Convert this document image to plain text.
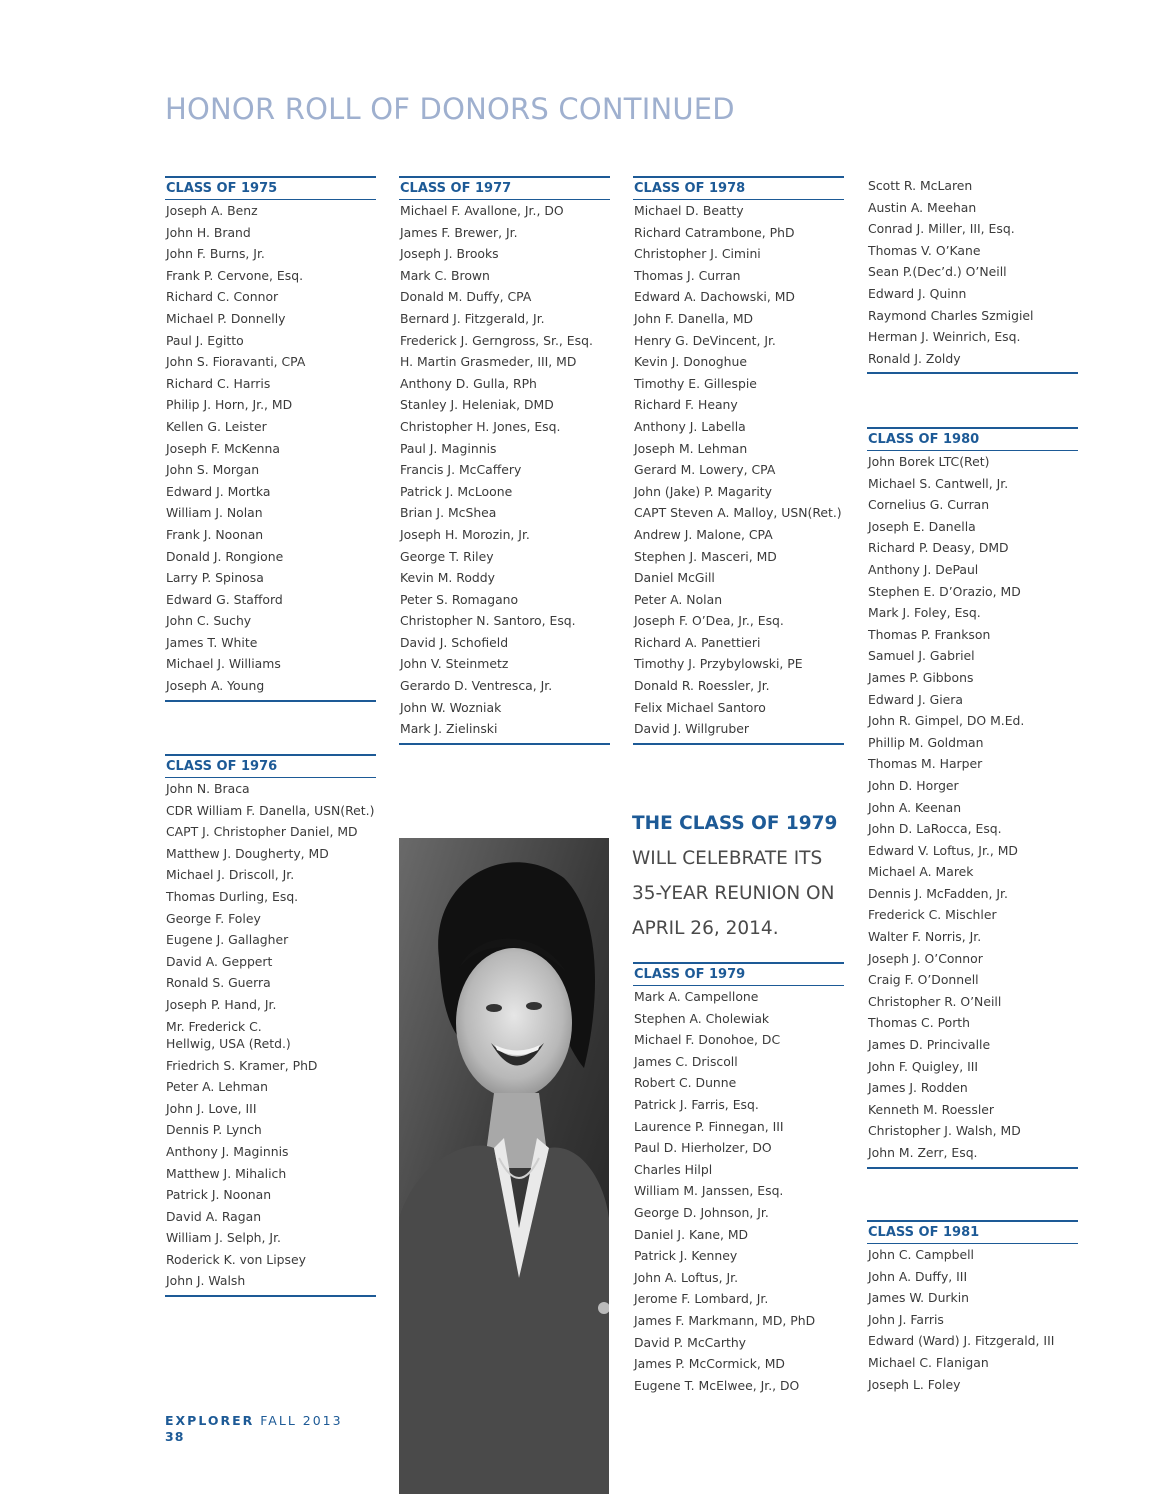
HONOR ROLL OF DONORS CONTINUED
CLASS OF 1975
Joseph A. Benz
John H. Brand
John F. Burns, Jr.
Frank P. Cervone, Esq.
Richard C. Connor
Michael P. Donnelly
Paul J. Egitto
John S. Fioravanti, CPA
Richard C. Harris
Philip J. Horn, Jr., MD
Kellen G. Leister
Joseph F. McKenna
John S. Morgan
Edward J. Mortka
William J. Nolan
Frank J. Noonan
Donald J. Rongione
Larry P. Spinosa
Edward G. Stafford
John C. Suchy
James T. White
Michael J. Williams
Joseph A. Young
CLASS OF 1976
John N. Braca
CDR William F. Danella, USN(Ret.)
CAPT J. Christopher Daniel, MD
Matthew J. Dougherty, MD
Michael J. Driscoll, Jr.
Thomas Durling, Esq.
George F. Foley
Eugene J. Gallagher
David A. Geppert
Ronald S. Guerra
Joseph P. Hand, Jr.
Mr. Frederick C.
Hellwig, USA (Retd.)
Friedrich S. Kramer, PhD
Peter A. Lehman
John J. Love, III
Dennis P. Lynch
Anthony J. Maginnis
Matthew J. Mihalich
Patrick J. Noonan
David A. Ragan
William J. Selph, Jr.
Roderick K. von Lipsey
John J. Walsh
CLASS OF 1977
Michael F. Avallone, Jr., DO
James F. Brewer, Jr.
Joseph J. Brooks
Mark C. Brown
Donald M. Duffy, CPA
Bernard J. Fitzgerald, Jr.
Frederick J. Gerngross, Sr., Esq.
H. Martin Grasmeder, III, MD
Anthony D. Gulla, RPh
Stanley J. Heleniak, DMD
Christopher H. Jones, Esq.
Paul J. Maginnis
Francis J. McCaffery
Patrick J. McLoone
Brian J. McShea
Joseph H. Morozin, Jr.
George T. Riley
Kevin M. Roddy
Peter S. Romagano
Christopher N. Santoro, Esq.
David J. Schofield
John V. Steinmetz
Gerardo D. Ventresca, Jr.
John W. Wozniak
Mark J. Zielinski
CLASS OF 1978
Michael D. Beatty
Richard Catrambone, PhD
Christopher J. Cimini
Thomas J. Curran
Edward A. Dachowski, MD
John F. Danella, MD
Henry G. DeVincent, Jr.
Kevin J. Donoghue
Timothy E. Gillespie
Richard F. Heany
Anthony J. Labella
Joseph M. Lehman
Gerard M. Lowery, CPA
John (Jake) P. Magarity
CAPT Steven A. Malloy, USN(Ret.)
Andrew J. Malone, CPA
Stephen J. Masceri, MD
Daniel McGill
Peter A. Nolan
Joseph F. O’Dea, Jr., Esq.
Richard A. Panettieri
Timothy J. Przybylowski, PE
Donald R. Roessler, Jr.
Felix Michael Santoro
David J. Willgruber
THE CLASS OF 1979 WILL CELEBRATE ITS 35-YEAR REUNION ON APRIL 26, 2014.
CLASS OF 1979
Mark A. Campellone
Stephen A. Cholewiak
Michael F. Donohoe, DC
James C. Driscoll
Robert C. Dunne
Patrick J. Farris, Esq.
Laurence P. Finnegan, III
Paul D. Hierholzer, DO
Charles Hilpl
William M. Janssen, Esq.
George D. Johnson, Jr.
Daniel J. Kane, MD
Patrick J. Kenney
John A. Loftus, Jr.
Jerome F. Lombard, Jr.
James F. Markmann, MD, PhD
David P. McCarthy
James P. McCormick, MD
Eugene T. McElwee, Jr., DO
Scott R. McLaren
Austin A. Meehan
Conrad J. Miller, III, Esq.
Thomas V. O’Kane
Sean P.(Dec’d.) O’Neill
Edward J. Quinn
Raymond Charles Szmigiel
Herman J. Weinrich, Esq.
Ronald J. Zoldy
CLASS OF 1980
John Borek LTC(Ret)
Michael S. Cantwell, Jr.
Cornelius G. Curran
Joseph E. Danella
Richard P. Deasy, DMD
Anthony J. DePaul
Stephen E. D’Orazio, MD
Mark J. Foley, Esq.
Thomas P. Frankson
Samuel J. Gabriel
James P. Gibbons
Edward J. Giera
John R. Gimpel, DO M.Ed.
Phillip M. Goldman
Thomas M. Harper
John D. Horger
John A. Keenan
John D. LaRocca, Esq.
Edward V. Loftus, Jr., MD
Michael A. Marek
Dennis J. McFadden, Jr.
Frederick C. Mischler
Walter F. Norris, Jr.
Joseph J. O’Connor
Craig F. O’Donnell
Christopher R. O’Neill
Thomas C. Porth
James D. Princivalle
John F. Quigley, III
James J. Rodden
Kenneth M. Roessler
Christopher J. Walsh, MD
John M. Zerr, Esq.
CLASS OF 1981
John C. Campbell
John A. Duffy, III
James W. Durkin
John J. Farris
Edward (Ward) J. Fitzgerald, III
Michael C. Flanigan
Joseph L. Foley
EXPLORER FALL 2013
38
